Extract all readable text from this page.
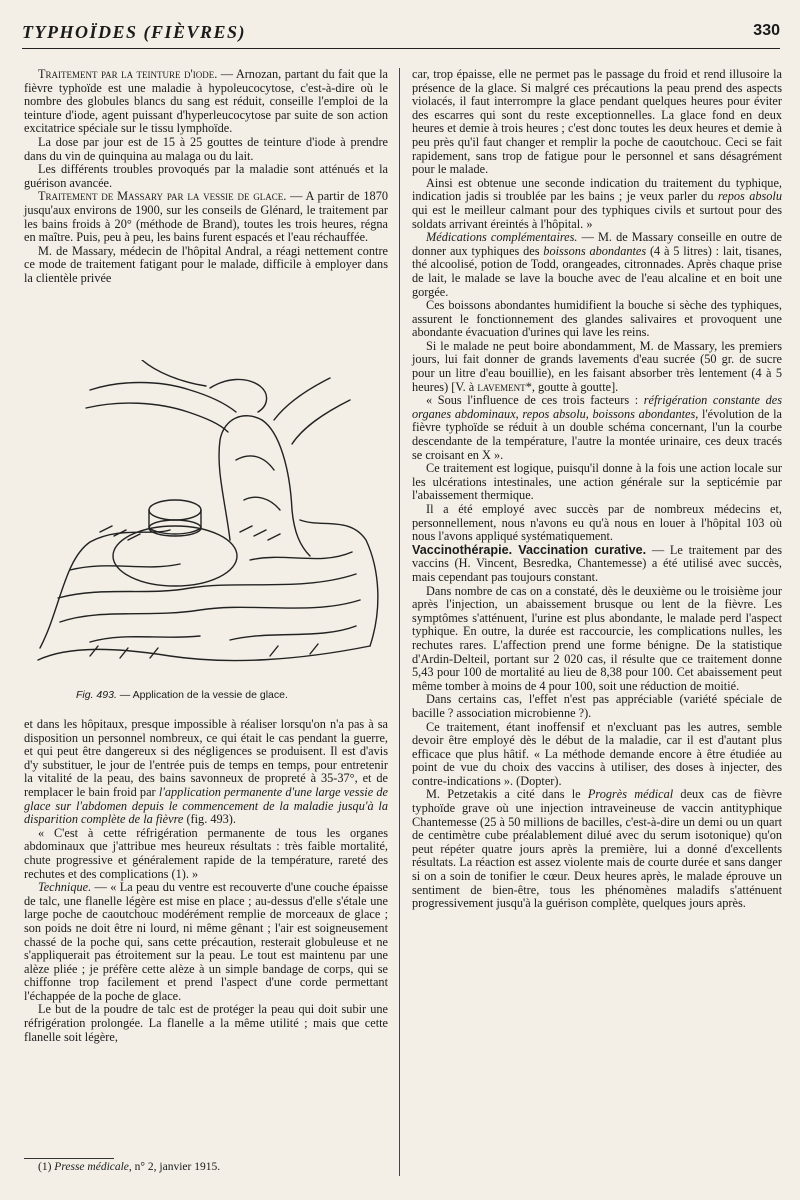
TYPHOÏDES (FIÈVRES)	330

Traitement par la teinture d'iode. — Arnozan, partant du fait que la fièvre typhoïde est une maladie à hypoleucocytose, c'est-à-dire où le nombre des globules blancs du sang est réduit, conseille l'emploi de la teinture d'iode, agent puissant d'hyperleucocytose par suite de son action excitatrice spéciale sur le tissu lymphoïde.

La dose par jour est de 15 à 25 gouttes de teinture d'iode à prendre dans du vin de quinquina au malaga ou du lait.

Les différents troubles provoqués par la maladie sont atténués et la guérison avancée.

Traitement de Massary par la vessie de glace. — A partir de 1870 jusqu'aux environs de 1900, sur les conseils de Glénard, le traitement par les bains froids à 20° (méthode de Brand), toutes les trois heures, régna en maître. Puis, peu à peu, les bains furent espacés et l'eau réchauffée.

M. de Massary, médecin de l'hôpital Andral, a réagi nettement contre ce mode de traitement fatigant pour le malade, difficile à employer dans la clientèle privée

Fig. 493. — Application de la vessie de glace.

et dans les hôpitaux, presque impossible à réaliser lorsqu'on n'a pas à sa disposition un personnel nombreux, ce qui était le cas pendant la guerre, et qui peut être dangereux si des négligences se produisent. Il est d'avis d'y substituer, le jour de l'entrée puis de temps en temps, pour entretenir la vitalité de la peau, des bains savonneux de propreté à 35-37°, et de remplacer le bain froid par l'application permanente d'une large vessie de glace sur l'abdomen depuis le commencement de la maladie jusqu'à la disparition complète de la fièvre (fig. 493).

« C'est à cette réfrigération permanente de tous les organes abdominaux que j'attribue mes heureux résultats : très faible mortalité, chute progressive et généralement rapide de la température, rareté des rechutes et des complications (1). »

Technique. — « La peau du ventre est recouverte d'une couche épaisse de talc, une flanelle légère est mise en place ; au-dessus d'elle s'étale une large poche de caoutchouc modérément remplie de morceaux de glace ; son poids ne doit être ni lourd, ni même gênant ; l'air est soigneusement chassé de la poche qui, sans cette précaution, resterait globuleuse et ne s'appliquerait pas étroitement sur la peau. Le tout est maintenu par une alèze pliée ; je préfère cette alèze à un simple bandage de corps, qui se chiffonne trop facilement et prend l'aspect d'une corde permettant l'échappée de la poche de glace.

Le but de la poudre de talc est de protéger la peau qui doit subir une réfrigération prolongée. La flanelle a la même utilité ; mais que cette flanelle soit légère,

car, trop épaisse, elle ne permet pas le passage du froid et rend illusoire la présence de la glace. Si malgré ces précautions la peau prend des aspects violacés, il faut interrompre la glace pendant quelques heures pour éviter des escarres qui sont du reste exceptionnelles. La glace fond en deux heures et demie à trois heures ; c'est donc toutes les deux heures et demie à peu près qu'il faut changer et remplir la poche de caoutchouc. Ceci se fait rapidement, sans trop de fatigue pour le personnel et sans désagrément pour le malade.

Ainsi est obtenue une seconde indication du traitement du typhique, indication jadis si troublée par les bains ; je veux parler du repos absolu qui est le meilleur calmant pour des typhiques civils et surtout pour des soldats arrivant éreintés à l'hôpital. »

Médications complémentaires. — M. de Massary conseille en outre de donner aux typhiques des boissons abondantes (4 à 5 litres) : lait, tisanes, thé alcoolisé, potion de Todd, orangeades, citronnades. Après chaque prise de lait, le malade se lave la bouche avec de l'eau alcaline et en boit une gorgée.

Ces boissons abondantes humidifient la bouche si sèche des typhiques, assurent le fonctionnement des glandes salivaires et provoquent une abondante évacuation d'urines qui lave les reins.

Si le malade ne peut boire abondamment, M. de Massary, les premiers jours, lui fait donner de grands lavements d'eau sucrée (50 gr. de sucre pour un litre d'eau bouillie), en les faisant absorber très lentement (4 à 5 heures) [V. à lavement*, goutte à goutte].

« Sous l'influence de ces trois facteurs : réfrigération constante des organes abdominaux, repos absolu, boissons abondantes, l'évolution de la fièvre typhoïde se réduit à un double schéma concernant, l'un la courbe descendante de la température, l'autre la montée urinaire, ces deux tracés se croisant en X ».

Ce traitement est logique, puisqu'il donne à la fois une action locale sur les ulcérations intestinales, une action générale sur la septicémie par l'abaissement thermique.

Il a été employé avec succès par de nombreux médecins et, personnellement, nous n'avons eu qu'à nous en louer à l'hôpital 103 où nous l'avons appliqué systématiquement.

Vaccinothérapie. Vaccination curative. — Le traitement par des vaccins (H. Vincent, Besredka, Chantemesse) a été utilisé avec succès, mais cependant pas toujours constant.

Dans nombre de cas on a constaté, dès le deuxième ou le troisième jour après l'injection, un abaissement brusque ou lent de la fièvre. Les symptômes s'atténuent, l'urine est plus abondante, le malade perd l'aspect typhique. En outre, la durée est raccourcie, les complications nulles, les rechutes rares. L'affection prend une forme bénigne. De la statistique d'Ardin-Delteil, portant sur 2 020 cas, il résulte que ce traitement donne 5,43 pour 100 de mortalité au lieu de 8,38 pour 100. Cet abaissement peut même tomber à moins de 4 pour 100, soit une réduction de moitié.

Dans certains cas, l'effet n'est pas appréciable (variété spéciale de bacille ? association microbienne ?).

Ce traitement, étant inoffensif et n'excluant pas les autres, semble devoir être employé dès le début de la maladie, car il est d'autant plus efficace que plus hâtif. « La méthode demande encore à être étudiée au point de vue du choix des vaccins à utiliser, des doses à injecter, des contre-indications ». (Dopter).

M. Petzetakis a cité dans le Progrès médical deux cas de fièvre typhoïde grave où une injection intraveineuse de vaccin antityphique Chantemesse (25 à 50 millions de bacilles, c'est-à-dire un demi ou un quart de centimètre cube préalablement dilué avec du serum isotonique) qu'on peut répéter quatre jours après la première, lui a donné d'excellents résultats. La réaction est assez violente mais de courte durée et sans danger si on a soin de tonifier le cœur. Deux heures après, le malade éprouve un sentiment de bien-être, tous les phénomènes maladifs s'atténuent progressivement jusqu'à la guérison complète, quelques jours après.

(1) Presse médicale, n° 2, janvier 1915.
